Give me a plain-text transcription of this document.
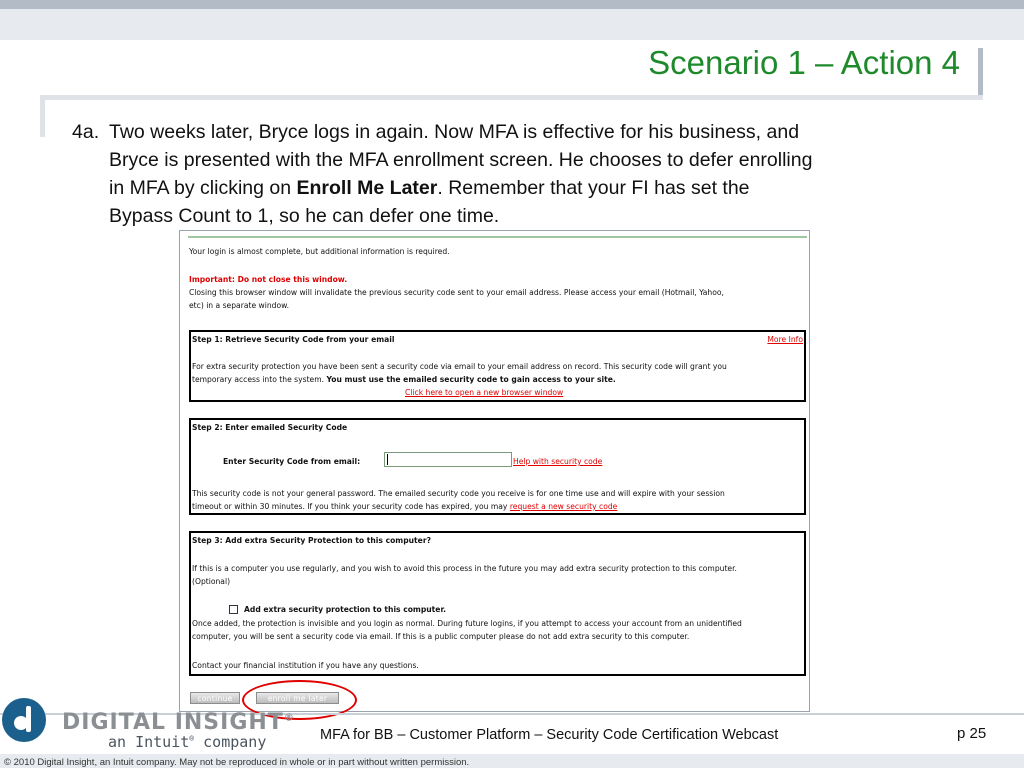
Scenario 1 – Action 4
4a. Two weeks later, Bryce logs in again. Now MFA is effective for his business, and
Bryce is presented with the MFA enrollment screen. He chooses to defer enrolling
in MFA by clicking on Enroll Me Later. Remember that your FI has set the
Bypass Count to 1, so he can defer one time.
Your login is almost complete, but additional information is required.
Important: Do not close this window.
Closing this browser window will invalidate the previous security code sent to your email address. Please access your email (Hotmail, Yahoo,
etc) in a separate window.
Step 1: Retrieve Security Code from your email	More Info
For extra security protection you have been sent a security code via email to your email address on record. This security code will grant you
temporary access into the system. You must use the emailed security code to gain access to your site.
Click here to open a new browser window
Step 2: Enter emailed Security Code
Enter Security Code from email:	Help with security code
This security code is not your general password. The emailed security code you receive is for one time use and will expire with your session
timeout or within 30 minutes. If you think your security code has expired, you may request a new security code
Step 3: Add extra Security Protection to this computer?
If this is a computer you use regularly, and you wish to avoid this process in the future you may add extra security protection to this computer.
(Optional)
Add extra security protection to this computer.
Once added, the protection is invisible and you login as normal. During future logins, if you attempt to access your account from an unidentified
computer, you will be sent a security code via email. If this is a public computer please do not add extra security to this computer.
Contact your financial institution if you have any questions.
continue	enroll me later
DIGITAL INSIGHT®
an Intuit® company	MFA for BB – Customer Platform – Security Code Certification Webcast	p 25
© 2010 Digital Insight, an Intuit company. May not be reproduced in whole or in part without written permission.
